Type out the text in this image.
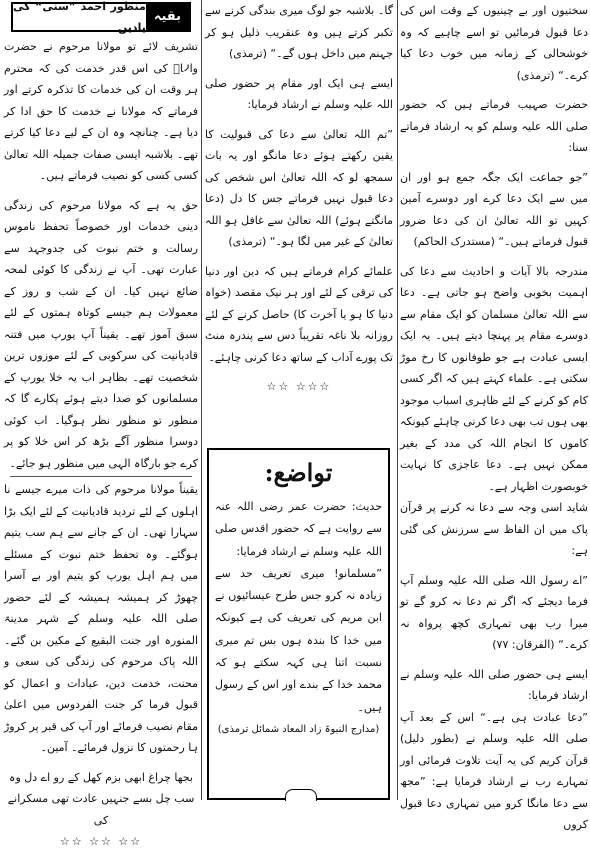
سختیوں اور بے چینیوں کے وقت اس کی دعا قبول فرمائیں تو اسے چاہیے کہ وہ خوشحالی کے زمانہ میں خوب دعا کیا کرے۔“ (ترمذی)

حضرت صہیب فرماتے ہیں کہ حضور صلی اللہ علیہ وسلم کو یہ ارشاد فرماتے سنا:

”جو جماعت ایک جگہ جمع ہو اور ان میں سے ایک دعا کرے اور دوسرے آمین کہیں تو اللہ تعالیٰ ان کی دعا ضرور قبول فرماتے ہیں۔“ (مستدرک الحاکم)

مندرجہ بالا آیات و احادیث سے دعا کی اہمیت بخوبی واضح ہو جاتی ہے۔ دعا سے اللہ تعالیٰ مسلمان کو ایک مقام سے دوسرے مقام پر پہنچا دیتے ہیں۔ یہ ایک ایسی عبادت ہے جو طوفانوں کا رخ موڑ سکتی ہے۔ علماء کہتے ہیں کہ اگر کسی کام کو کرنے کے لئے ظاہری اسباب موجود بھی ہوں تب بھی دعا کرنی چاہئے کیونکہ کاموں کا انجام اللہ کی مدد کے بغیر ممکن نہیں ہے۔ دعا عاجزی کا نہایت خوبصورت اظہار ہے۔

شاید اسی وجہ سے دعا نہ کرنے پر قرآن پاک میں ان الفاظ سے سرزنش کی گئی ہے:

”اے رسول اللہ صلی اللہ علیہ وسلم آپ فرما دیجئے کہ اگر تم دعا نہ کرو گے تو میرا رب بھی تمہاری کچھ پرواہ نہ کرے۔“ (الفرقان: ۷۷)

ایسے ہی حضور صلی اللہ علیہ وسلم نے ارشاد فرمایا:

”دعا عبادت ہی ہے۔“ اس کے بعد آپ صلی اللہ علیہ وسلم نے (بطور دلیل) قرآن کریم کی یہ آیت تلاوت فرمائی اور تمہارے رب نے ارشاد فرمایا ہے: ”مجھ سے دعا مانگا کرو میں تمہاری دعا قبول کروں

گا۔ بلاشبہ جو لوگ میری بندگی کرنے سے تکبر کرتے ہیں وہ عنقریب ذلیل ہو کر جہنم میں داخل ہوں گے۔“ (ترمذی)

ایسے ہی ایک اور مقام پر حضور صلی اللہ علیہ وسلم نے ارشاد فرمایا:

”تم اللہ تعالیٰ سے دعا کی قبولیت کا یقین رکھتے ہوئے دعا مانگو اور یہ بات سمجھ لو کہ اللہ تعالیٰ اس شخص کی دعا قبول نہیں فرماتے جس کا دل (دعا مانگتے ہوئے) اللہ تعالیٰ سے غافل ہو اللہ تعالیٰ کے غیر میں لگا ہو۔“ (ترمذی)

علمائے کرام فرماتے ہیں کہ دین اور دنیا کی ترقی کے لئے اور ہر نیک مقصد (خواہ دنیا کا ہو یا آخرت کا) حاصل کرنے کے لئے روزانہ بلا ناغہ تقریباً دس سے پندرہ منٹ تک پورے آداب کے ساتھ دعا کرنی چاہئے۔

☆☆☆ ☆☆
تواضع:

حدیث: حضرت عمر رضی اللہ عنہ سے روایت ہے کہ حضور اقدس صلی اللہ علیہ وسلم نے ارشاد فرمایا:

”مسلمانو! میری تعریف حد سے زیادہ نہ کرو جس طرح عیسائیوں نے ابن مریم کی تعریف کی ہے کیونکہ میں خدا کا بندہ ہوں بس تم میری نسبت اتنا ہی کہہ سکتے ہو کہ محمد خدا کے بندے اور اس کے رسول ہیں۔

(مدارج النبوۃ زاد المعاد شمائل ترمذی)
بقیہ
منظور احمد ”سنی“ کی یادیں

تشریف لائے تو مولانا مرحوم نے حضرت والاؒ کی اس قدر خدمت کی کہ محترم ہر وقت ان کی خدمات کا تذکرہ کرتے اور فرماتے کہ مولانا نے خدمت کا حق ادا کر دیا ہے۔ چنانچہ وہ ان کے لیے دعا کیا کرتے تھے۔ بلاشبہ ایسی صفات جمیلہ اللہ تعالیٰ کسی کسی کو نصیب فرماتے ہیں۔

حق یہ ہے کہ مولانا مرحوم کی زندگی دینی خدمات اور خصوصاً تحفظ ناموس رسالت و ختم نبوت کی جدوجہد سے عبارت تھی۔ آپ نے زندگی کا کوئی لمحہ ضائع نہیں کیا۔ ان کے شب و روز کے معمولات ہم جیسے کوتاہ ہمتوں کے لئے سبق آموز تھے۔ یقیناً آپ یورپ میں فتنہ قادیانیت کی سرکوبی کے لئے موزوں ترین شخصیت تھے۔ بظاہر اب یہ خلا یورپ کے مسلمانوں کو صدا دیتے ہوئے پکارے گا کہ منظور تو منظور نظر ہوگیا۔ اب کوئی دوسرا منظور آگے بڑھ کر اس خلا کو پر کرے جو بارگاہ الہی میں منظور ہو جائے۔

یقیناً مولانا مرحوم کی ذات میرے جیسے نا اہلوں کے لئے تردید قادیانیت کے لئے ایک بڑا سہارا تھی۔ ان کے جانے سے ہم سب یتیم ہوگئے۔ وہ تحفظ ختم نبوت کے مسئلے میں ہم اہل یورپ کو یتیم اور بے آسرا چھوڑ کر ہمیشہ ہمیشہ کے لئے حضور صلی اللہ علیہ وسلم کے شہر مدینۃ المنورہ اور جنت البقیع کے مکین بن گئے۔ اللہ پاک مرحوم کی زندگی کی سعی و محنت، خدمت دین، عبادات و اعمال کو قبول فرما کر جنت الفردوس میں اعلیٰ مقام نصیب فرمائے اور آپ کی قبر پر کروڑ ہا رحمتوں کا نزول فرمائے۔ آمین۔

بجھا چراغ ابھی بزم کھل کے رو اے دل وہ سب چل بسے جنہیں عادت تھی مسکرانے کی

☆☆ ☆☆ ☆☆
